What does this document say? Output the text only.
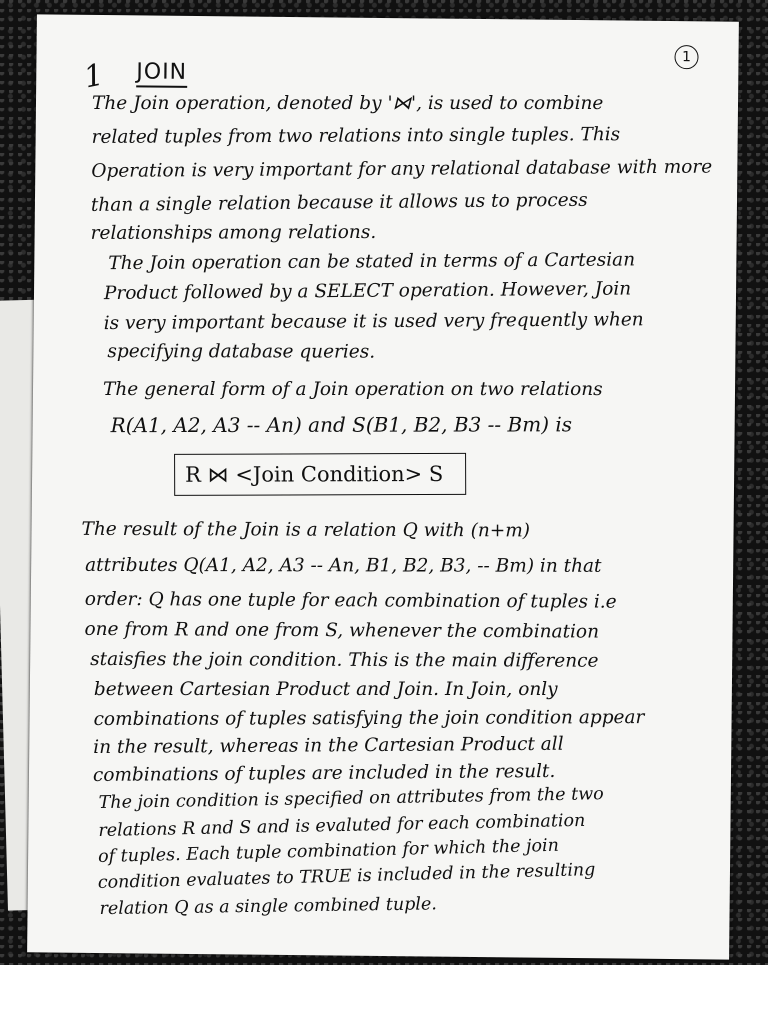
1
1 JOIN
The Join operation, denoted by '⋈', is used to combine
related tuples from two relations into single tuples. This
Operation is very important for any relational database with more
than a single relation because it allows us to process
relationships among relations.
The Join operation can be stated in terms of a Cartesian
Product followed by a SELECT operation. However, Join
is very important because it is used very frequently when
specifying database queries.
The general form of a Join operation on two relations
R(A1, A2, A3 -- An) and S(B1, B2, B3 -- Bm) is
R ⋈ <Join Condition> S
The result of the Join is a relation Q with (n+m)
attributes Q(A1, A2, A3 -- An, B1, B2, B3, -- Bm) in that
order: Q has one tuple for each combination of tuples i.e
one from R and one from S, whenever the combination
staisfies the join condition. This is the main difference
between Cartesian Product and Join. In Join, only
combinations of tuples satisfying the join condition appear
in the result, whereas in the Cartesian Product all
combinations of tuples are included in the result.
The join condition is specified on attributes from the two
relations R and S and is evaluted for each combination
of tuples. Each tuple combination for which the join
condition evaluates to TRUE is included in the resulting
relation Q as a single combined tuple.
